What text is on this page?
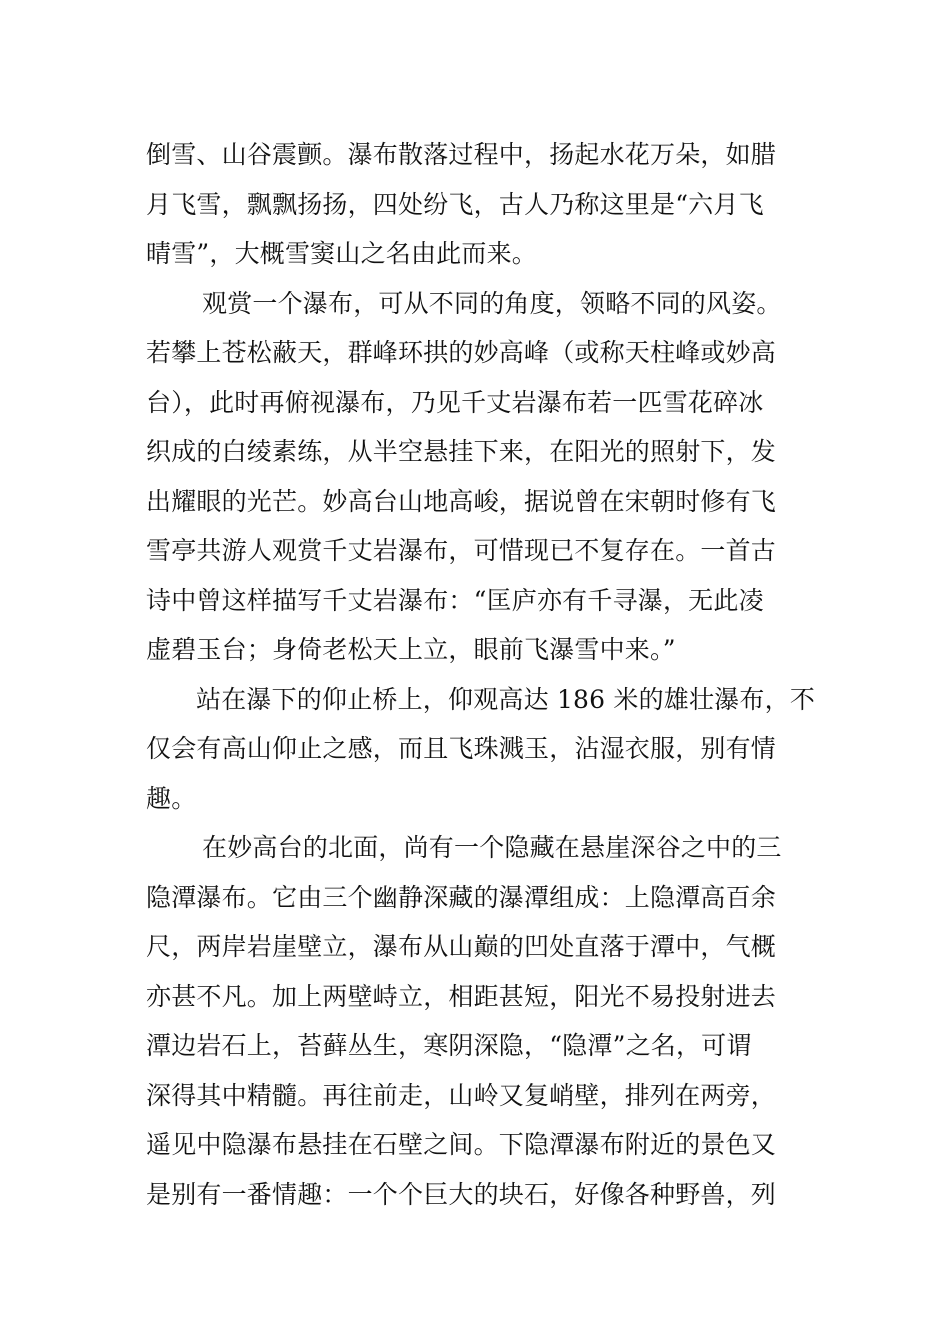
倒雪、山谷震颤。瀑布散落过程中，扬起水花万朵，如腊
月飞雪，飘飘扬扬，四处纷飞，古人乃称这里是“六月飞
晴雪”，大概雪窦山之名由此而来。
观赏一个瀑布，可从不同的角度，领略不同的风姿。
若攀上苍松蔽天，群峰环拱的妙高峰（或称天柱峰或妙高
台），此时再俯视瀑布，乃见千丈岩瀑布若一匹雪花碎冰
织成的白绫素练，从半空悬挂下来，在阳光的照射下，发
出耀眼的光芒。妙高台山地高峻，据说曾在宋朝时修有飞
雪亭共游人观赏千丈岩瀑布，可惜现已不复存在。一首古
诗中曾这样描写千丈岩瀑布：“匡庐亦有千寻瀑，无此凌
虚碧玉台；身倚老松天上立，眼前飞瀑雪中来。”
站在瀑下的仰止桥上，仰观高达 186 米的雄壮瀑布，不
仅会有高山仰止之感，而且飞珠溅玉，沾湿衣服，别有情
趣。
在妙高台的北面，尚有一个隐藏在悬崖深谷之中的三
隐潭瀑布。它由三个幽静深藏的瀑潭组成：上隐潭高百余
尺，两岸岩崖壁立，瀑布从山巅的凹处直落于潭中，气概
亦甚不凡。加上两壁峙立，相距甚短，阳光不易投射进去
潭边岩石上，苔藓丛生，寒阴深隐，“隐潭”之名，可谓
深得其中精髓。再往前走，山岭又复峭壁，排列在两旁，
遥见中隐瀑布悬挂在石壁之间。下隐潭瀑布附近的景色又
是别有一番情趣：一个个巨大的块石，好像各种野兽，列
